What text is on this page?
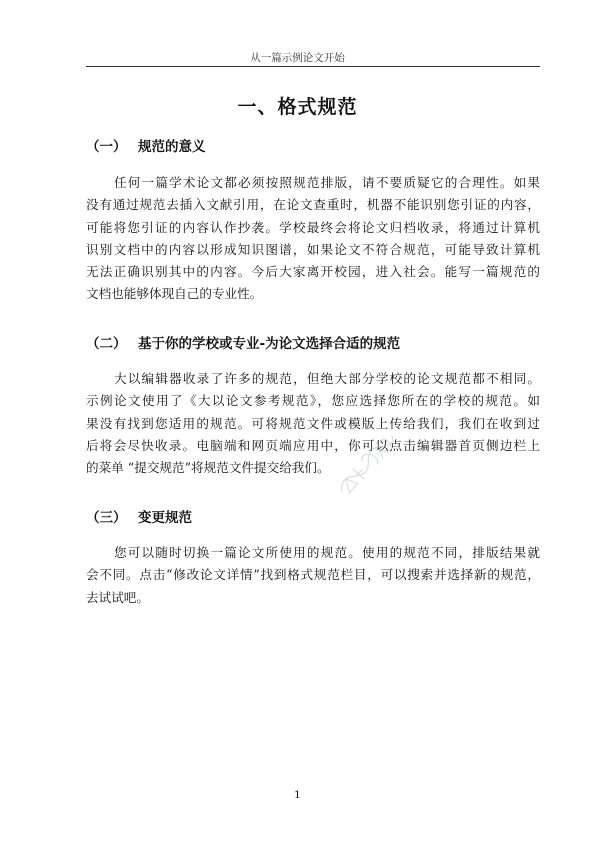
从一篇示例论文开始
一、格式规范
（一） 规范的意义
任何一篇学术论文都必须按照规范排版，请不要质疑它的合理性。如果
没有通过规范去插入文献引用，在论文查重时，机器不能识别您引证的内容，
可能将您引证的内容认作抄袭。学校最终会将论文归档收录，将通过计算机
识别文档中的内容以形成知识图谱，如果论文不符合规范，可能导致计算机
无法正确识别其中的内容。今后大家离开校园，进入社会。能写一篇规范的
文档也能够体现自己的专业性。
（二） 基于你的学校或专业-为论文选择合适的规范
大以编辑器收录了许多的规范，但绝大部分学校的论文规范都不相同。
示例论文使用了《大以论文参考规范》，您应选择您所在的学校的规范。如
果没有找到您适用的规范。可将规范文件或模版上传给我们，我们在收到过
后将会尽快收录。电脑端和网页端应用中，你可以点击编辑器首页侧边栏上
的菜单 “提交规范”将规范文件提交给我们。
（三） 变更规范
您可以随时切换一篇论文所使用的规范。使用的规范不同，排版结果就
会不同。点击“修改论文详情”找到格式规范栏目，可以搜索并选择新的规范，
去试试吧。
1
